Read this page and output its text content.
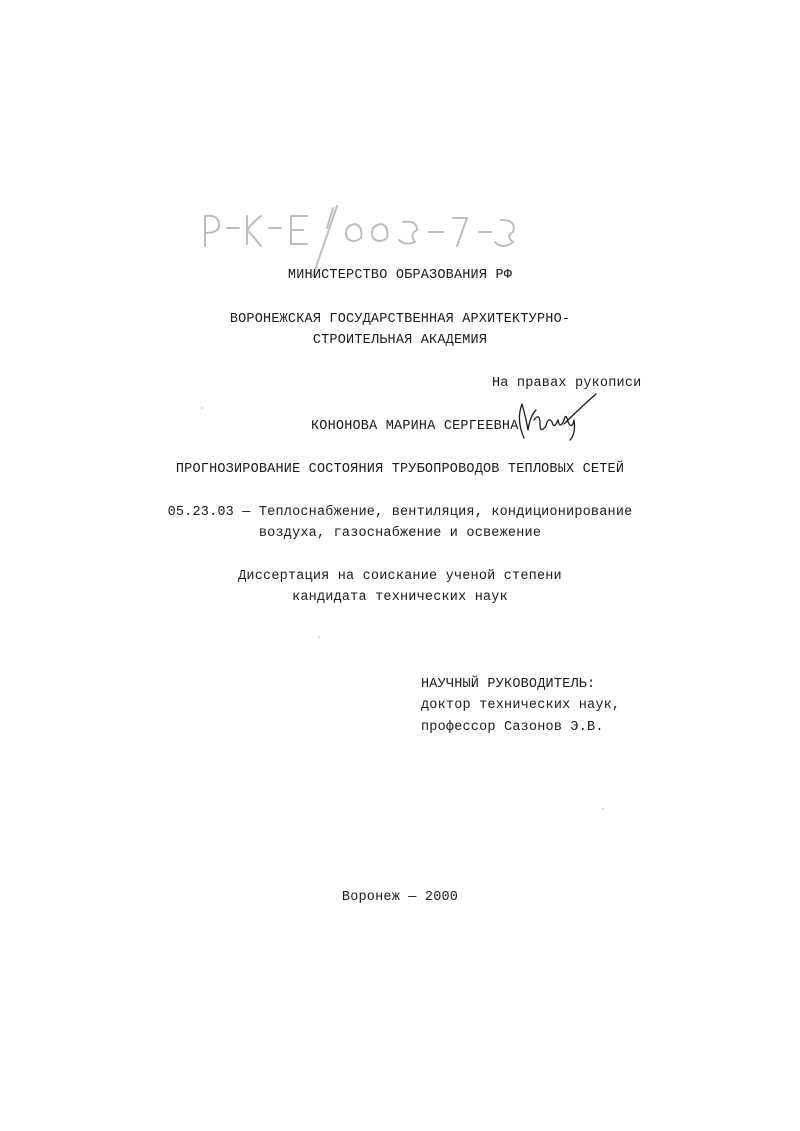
МИНИСТЕРСТВО ОБРАЗОВАНИЯ РФ
ВОРОНЕЖСКАЯ ГОСУДАРСТВЕННАЯ АРХИТЕКТУРНО-
СТРОИТЕЛЬНАЯ АКАДЕМИЯ
На правах рукописи
КОНОНОВА МАРИНА СЕРГЕЕВНА
ПРОГНОЗИРОВАНИЕ СОСТОЯНИЯ ТРУБОПРОВОДОВ ТЕПЛОВЫХ СЕТЕЙ
05.23.03 — Теплоснабжение, вентиляция, кондиционирование
воздуха, газоснабжение и освежение
Диссертация на соискание ученой степени
кандидата технических наук
НАУЧНЫЙ РУКОВОДИТЕЛЬ:
доктор технических наук,
профессор Сазонов Э.В.
Воронеж — 2000
